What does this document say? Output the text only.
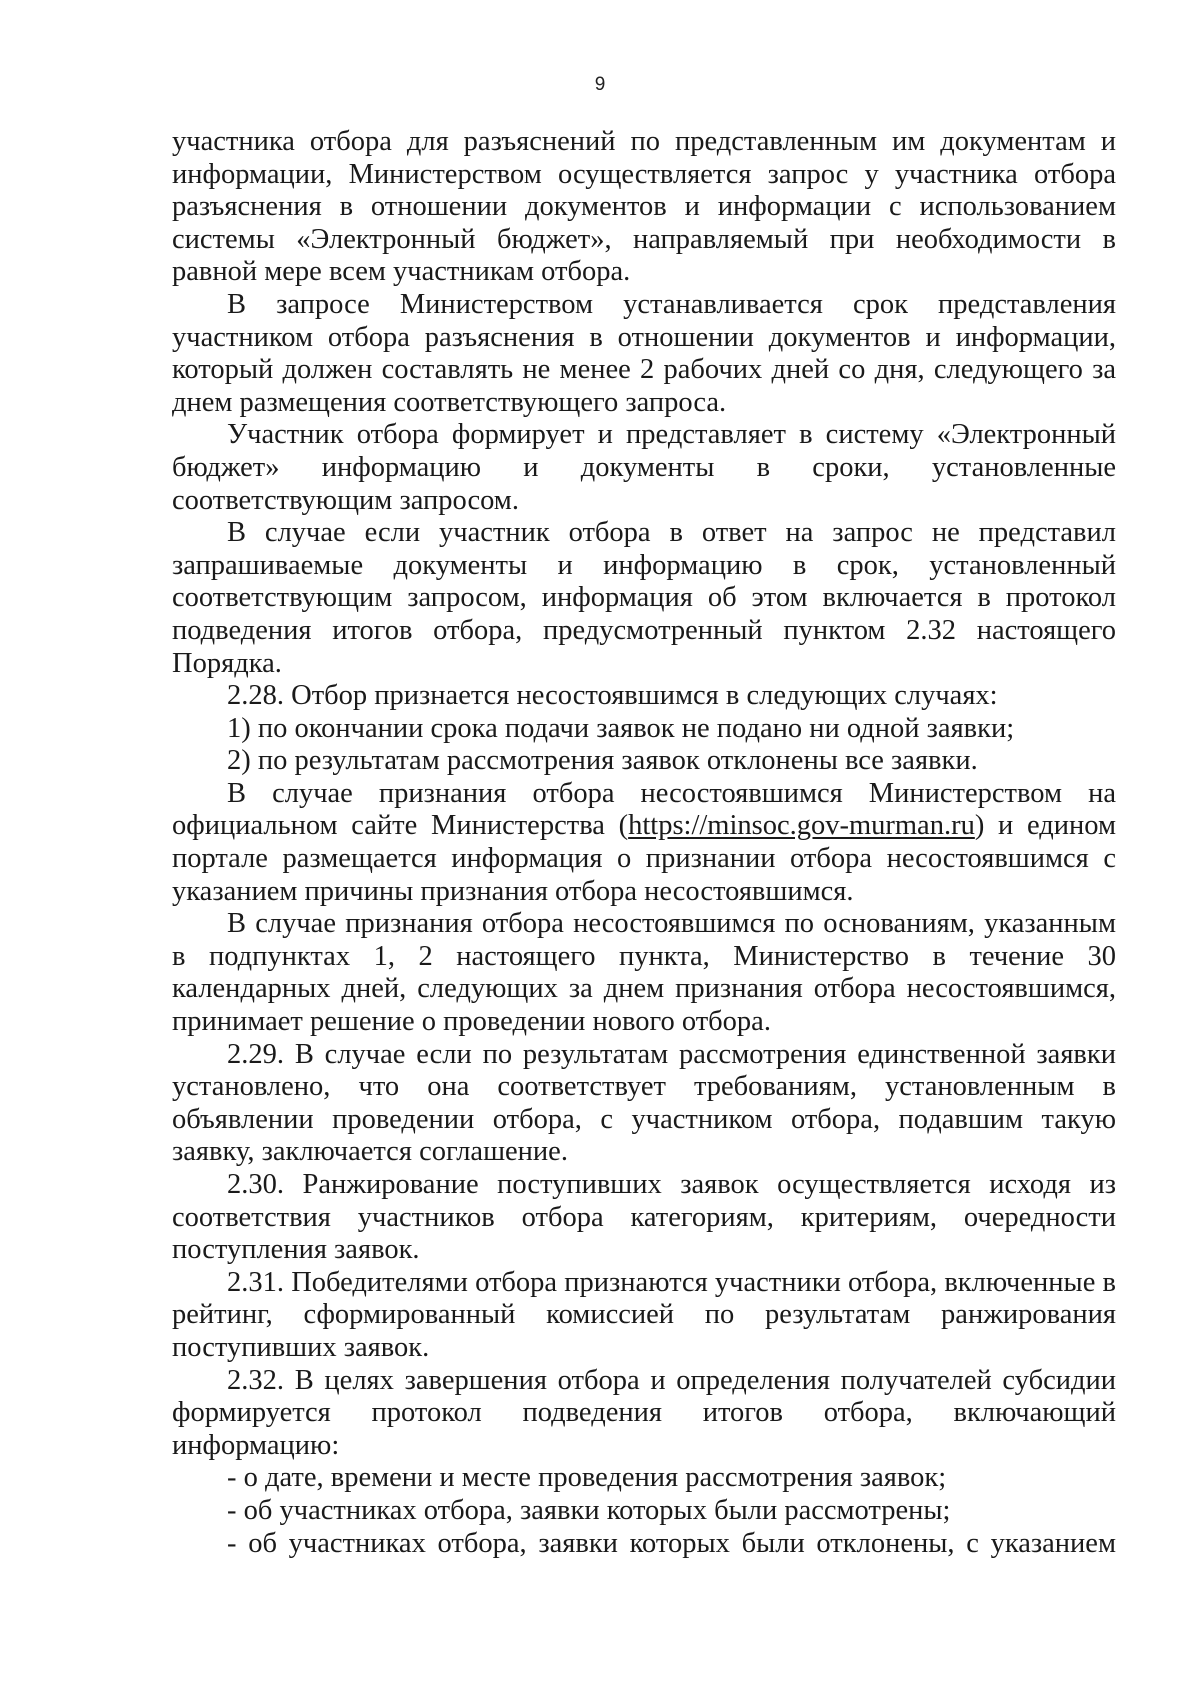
9

участника отбора для разъяснений по представленным им документам и информации, Министерством осуществляется запрос у участника отбора разъяснения в отношении документов и информации с использованием системы «Электронный бюджет», направляемый при необходимости в равной мере всем участникам отбора.

В запросе Министерством устанавливается срок представления участником отбора разъяснения в отношении документов и информации, который должен составлять не менее 2 рабочих дней со дня, следующего за днем размещения соответствующего запроса.

Участник отбора формирует и представляет в систему «Электронный бюджет» информацию и документы в сроки, установленные соответствующим запросом.

В случае если участник отбора в ответ на запрос не представил запрашиваемые документы и информацию в срок, установленный соответствующим запросом, информация об этом включается в протокол подведения итогов отбора, предусмотренный пунктом 2.32 настоящего Порядка.

2.28. Отбор признается несостоявшимся в следующих случаях:

1) по окончании срока подачи заявок не подано ни одной заявки;

2) по результатам рассмотрения заявок отклонены все заявки.

В случае признания отбора несостоявшимся Министерством на официальном сайте Министерства (https://minsoc.gov-murman.ru) и едином портале размещается информация о признании отбора несостоявшимся с указанием причины признания отбора несостоявшимся.

В случае признания отбора несостоявшимся по основаниям, указанным в подпунктах 1, 2 настоящего пункта, Министерство в течение 30 календарных дней, следующих за днем признания отбора несостоявшимся, принимает решение о проведении нового отбора.

2.29. В случае если по результатам рассмотрения единственной заявки установлено, что она соответствует требованиям, установленным в объявлении проведении отбора, с участником отбора, подавшим такую заявку, заключается соглашение.

2.30. Ранжирование поступивших заявок осуществляется исходя из соответствия участников отбора категориям, критериям, очередности поступления заявок.

2.31. Победителями отбора признаются участники отбора, включенные в рейтинг, сформированный комиссией по результатам ранжирования поступивших заявок.

2.32. В целях завершения отбора и определения получателей субсидии формируется протокол подведения итогов отбора, включающий информацию:

- о дате, времени и месте проведения рассмотрения заявок;

- об участниках отбора, заявки которых были рассмотрены;

- об участниках отбора, заявки которых были отклонены, с указанием
